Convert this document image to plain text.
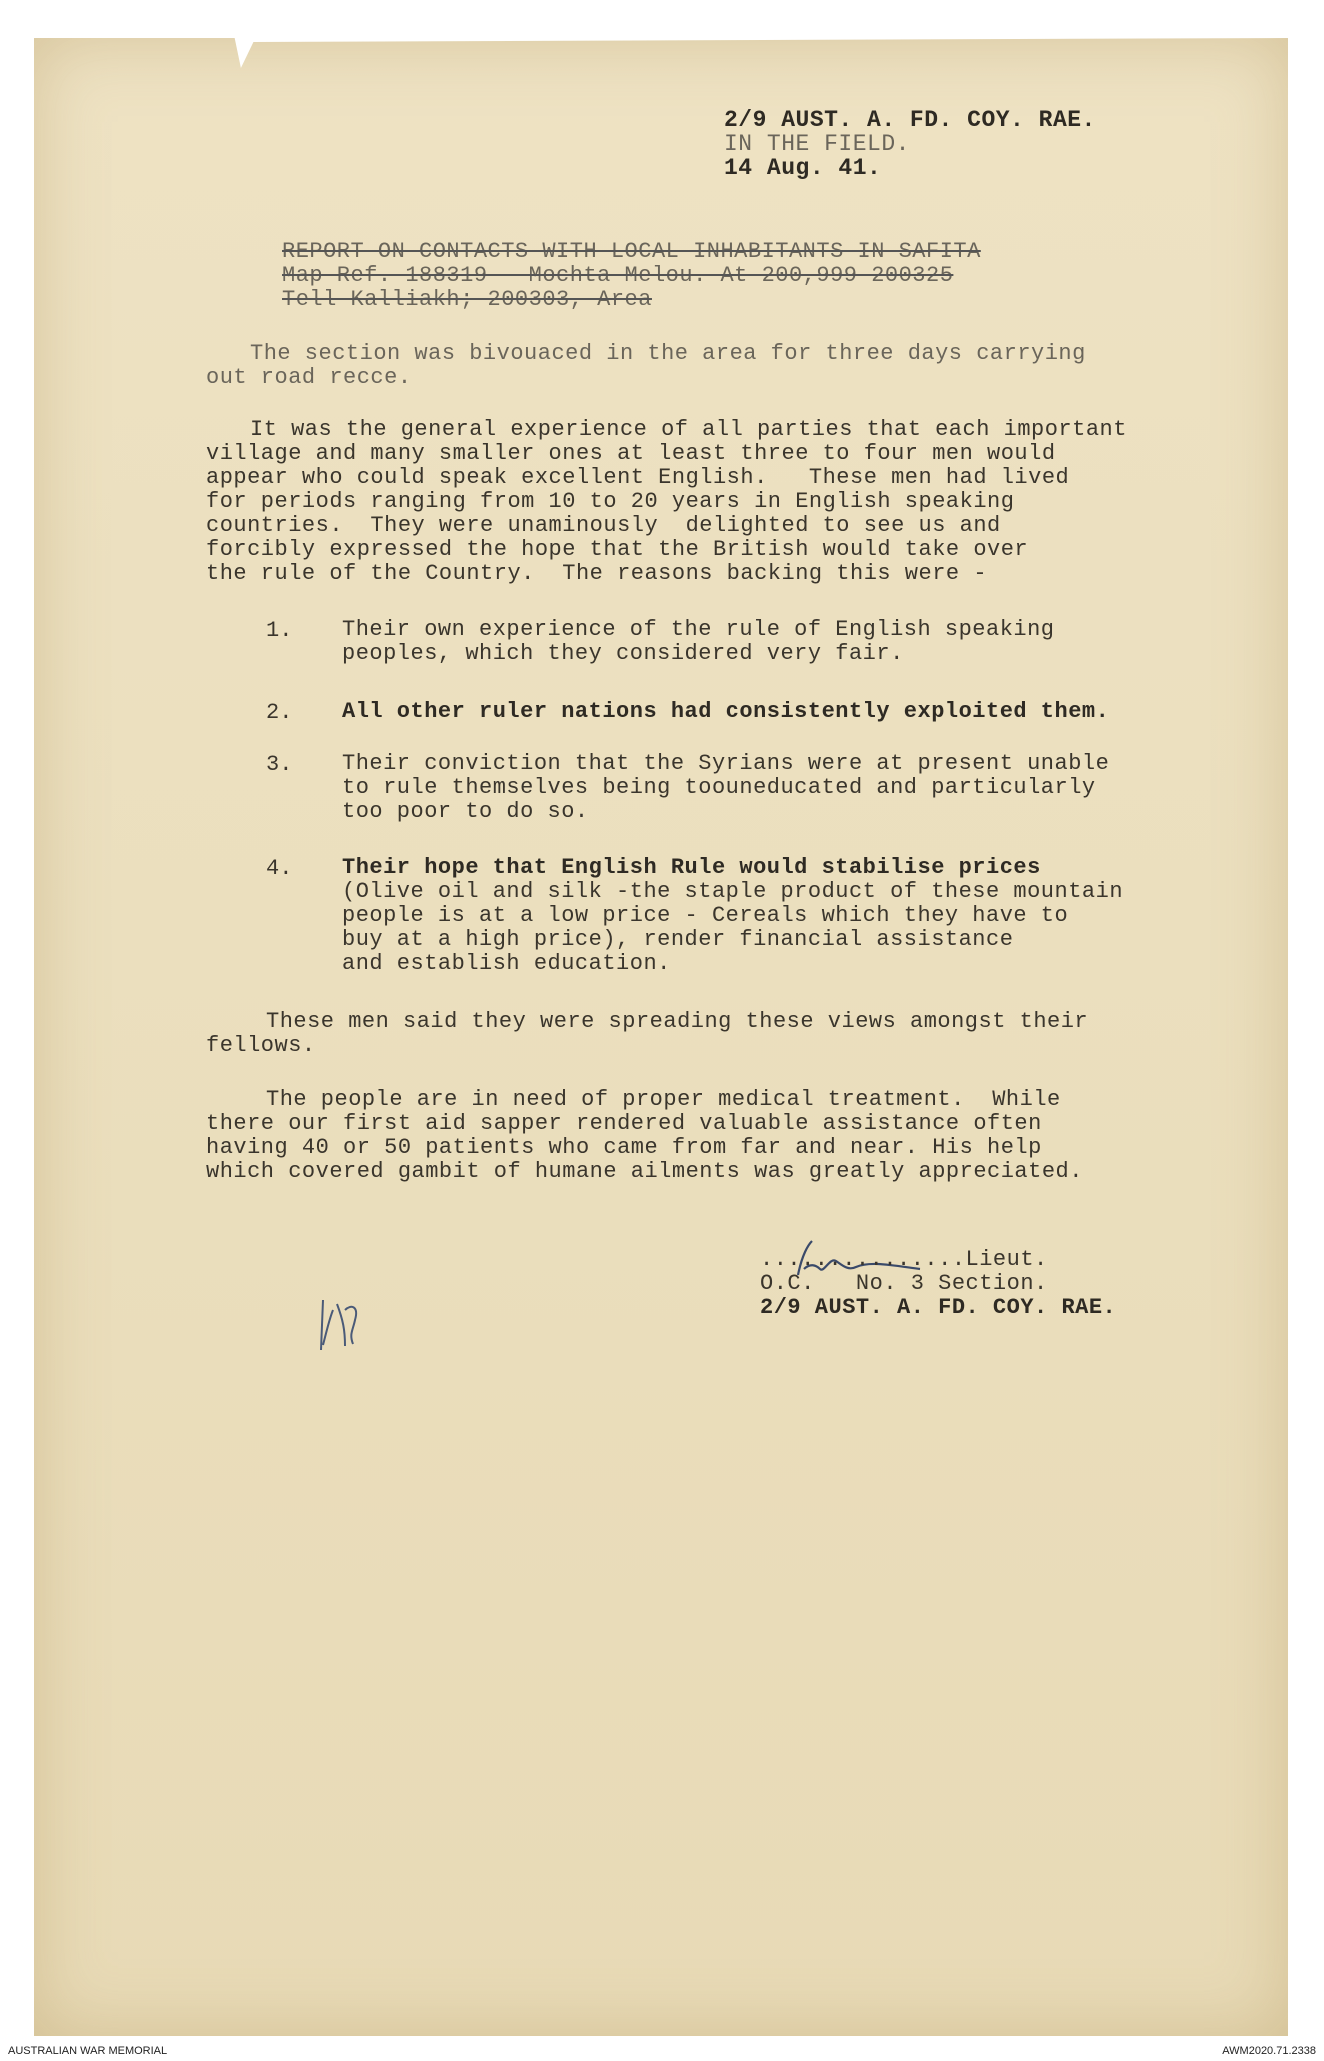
2/9 AUST. A. FD. COY. RAE.
IN THE FIELD.
14 Aug. 41.
REPORT ON CONTACTS WITH LOCAL INHABITANTS IN SAFITA
Map Ref. 188319 - Mochta Melou. At 200,999 200325
Tell Kalliakh; 200303, Area
The section was bivouaced in the area for three days carrying
out road recce.
It was the general experience of all parties that each important
village and many smaller ones at least three to four men would
appear who could speak excellent English.   These men had lived
for periods ranging from 10 to 20 years in English speaking
countries.  They were unaminously  delighted to see us and
forcibly expressed the hope that the British would take over
the rule of the Country.  The reasons backing this were -
1. Their own experience of the rule of English speaking
peoples, which they considered very fair.
2. All other ruler nations had consistently exploited them.
3. Their conviction that the Syrians were at present unable
to rule themselves being toouneducated and particularly
too poor to do so.
4. Their hope that English Rule would stabilise prices
(Olive oil and silk -the staple product of these mountain
people is at a low price - Cereals which they have to
buy at a high price), render financial assistance
and establish education.
These men said they were spreading these views amongst their
fellows.
The people are in need of proper medical treatment.  While
there our first aid sapper rendered valuable assistance often
having 40 or 50 patients who came from far and near. His help
which covered gambit of humane ailments was greatly appreciated.
...............Lieut.
O.C.   No. 3 Section.
2/9 AUST. A. FD. COY. RAE.
AUSTRALIAN WAR MEMORIAL	AWM2020.71.2338
